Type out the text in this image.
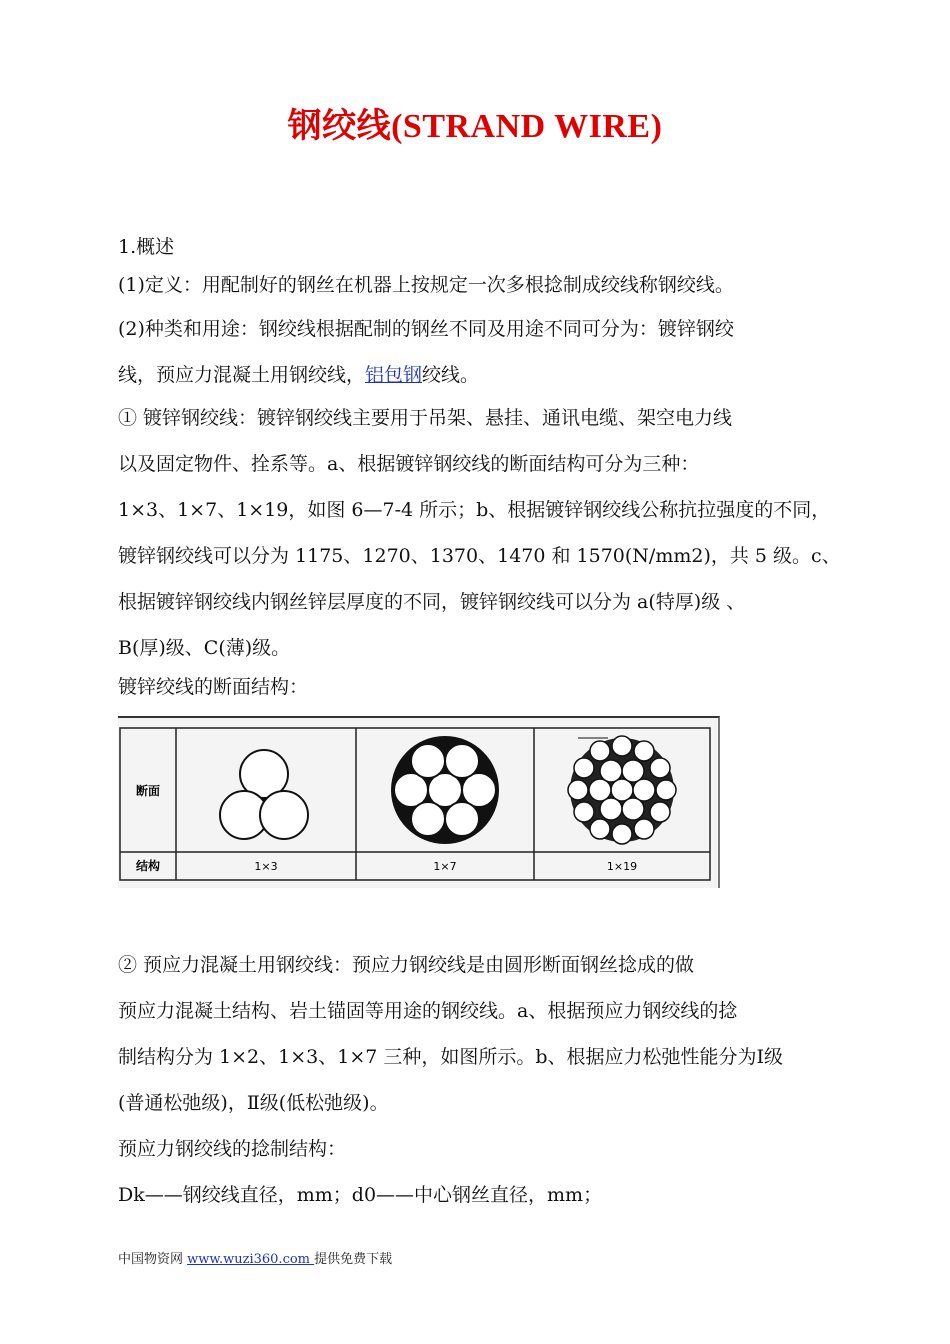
钢绞线(STRAND WIRE)

1.概述

(1)定义：用配制好的钢丝在机器上按规定一次多根捻制成绞线称钢绞线。

(2)种类和用途：钢绞线根据配制的钢丝不同及用途不同可分为：镀锌钢绞
线，预应力混凝土用钢绞线，铝包钢绞线。

① 镀锌钢绞线：镀锌钢绞线主要用于吊架、悬挂、通讯电缆、架空电力线
以及固定物件、拴系等。a、根据镀锌钢绞线的断面结构可分为三种：
1×3、1×7、1×19，如图 6—7-4 所示；b、根据镀锌钢绞线公称抗拉强度的不同，
镀锌钢绞线可以分为 1175、1270、1370、1470 和 1570(N/mm2)，共 5 级。c、
根据镀锌钢绞线内钢丝锌层厚度的不同，镀锌钢绞线可以分为 a(特厚)级 、
B(厚)级、C(薄)级。

镀锌绞线的断面结构：

断面
结构	1×3	1×7	1×19

② 预应力混凝土用钢绞线：预应力钢绞线是由圆形断面钢丝捻成的做
预应力混凝土结构、岩土锚固等用途的钢绞线。a、根据预应力钢绞线的捻
制结构分为 1×2、1×3、1×7 三种，如图所示。b、根据应力松弛性能分为Ⅰ级
(普通松弛级)，Ⅱ级(低松弛级)。
预应力钢绞线的捻制结构：
Dk——钢绞线直径，mm；d0——中心钢丝直径，mm；

中国物资网 www.wuzi360.com 提供免费下载
